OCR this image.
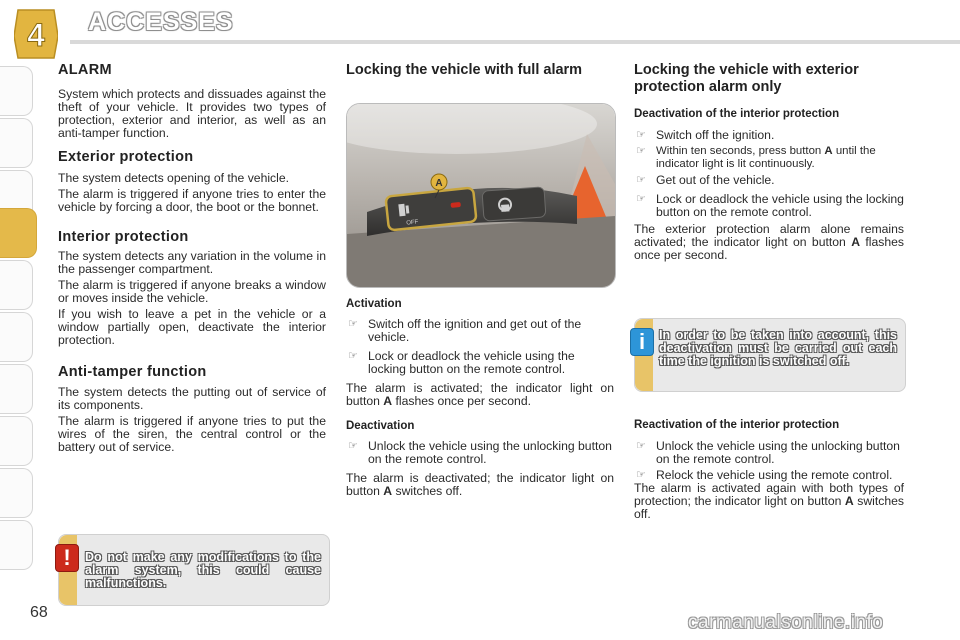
4 ACCESSES
ALARM

System which protects and dissuades against the theft of your vehicle. It provides two types of protection, exterior and interior, as well as an anti-tamper function.

Exterior protection

The system detects opening of the vehicle.

The alarm is triggered if anyone tries to enter the vehicle by forcing a door, the boot or the bonnet.

Interior protection

The system detects any variation in the volume in the passenger compartment.

The alarm is triggered if anyone breaks a window or moves inside the vehicle.

If you wish to leave a pet in the vehicle or a window partially open, deactivate the interior protection.

Anti-tamper function

The system detects the putting out of service of its components.

The alarm is triggered if anyone tries to put the wires of the siren, the central control or the battery out of service.

Do not make any modifications to the alarm system, this could cause malfunctions.
!
Locking the vehicle with full alarm
OFF
A
Activation
☞ Switch off the ignition and get out of the vehicle.
☞ Lock or deadlock the vehicle using the locking button on the remote control.

The alarm is activated; the indicator light on button A flashes once per second.

Deactivation
☞ Unlock the vehicle using the unlocking button on the remote control.

The alarm is deactivated; the indicator light on button A switches off.

Locking the vehicle with exterior protection alarm only
Deactivation of the interior protection
☞ Switch off the ignition.
☞ Within ten seconds, press button A until the indicator light is lit continuously.
☞ Get out of the vehicle.
☞ Lock or deadlock the vehicle using the locking button on the remote control.

The exterior protection alarm alone remains activated; the indicator light on button A flashes once per second.

In order to be taken into account, this deactivation must be carried out each time the ignition is switched off.
i
Reactivation of the interior protection
☞ Unlock the vehicle using the unlocking button on the remote control.
☞ Relock the vehicle using the remote control.

The alarm is activated again with both types of protection; the indicator light on button A switches off.

68	carmanualsonline.info
